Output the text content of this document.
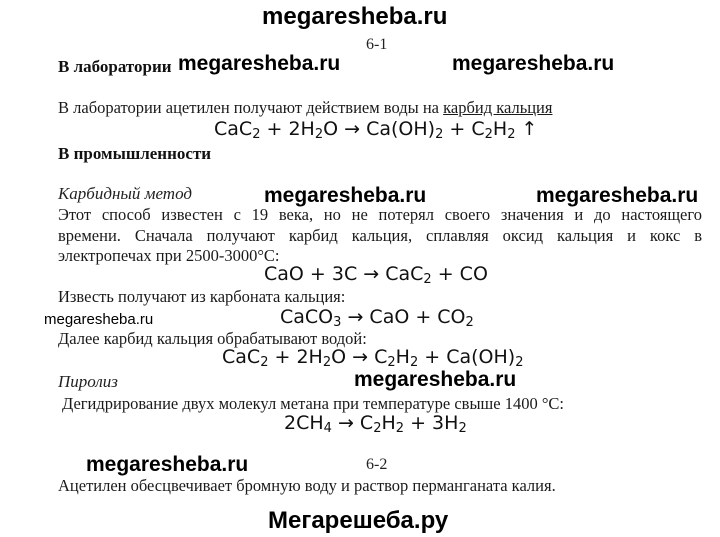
megaresheba.ru
megaresheba.ru	megaresheba.ru
megaresheba.ru	megaresheba.ru
megaresheba.ru
megaresheba.ru
megaresheba.ru
Мегарешеба.ру
6-1
В лаборатории
В лаборатории ацетилен получают действием воды на карбид кальция
$CaC_2 + 2H_2O \to Ca(OH)_2 + C_2H_2$ ↑
В промышленности
Карбидный метод
Этот способ известен с 19 века, но не потерял своего значения и до настоящего
времени. Сначала получают карбид кальция, сплавляя оксид кальция и кокс в
электропечах при 2500-3000°С:
CaO + 3C → CaC$_2$ + CO
Известь получают из карбоната кальция:
CaCO$_3$ → CaO + $CO_2$
Далее карбид кальция обрабатывают водой:
$CaC_2 + 2H_2O \to C_2H_2 + Ca(OH)_2$
Пиролиз
Дегидрирование двух молекул метана при температуре свыше 1400 °С:
$2CH_4 \to C_2H_2 + 3H_2$
6-2
Ацетилен обесцвечивает бромную воду и раствор перманганата калия.
